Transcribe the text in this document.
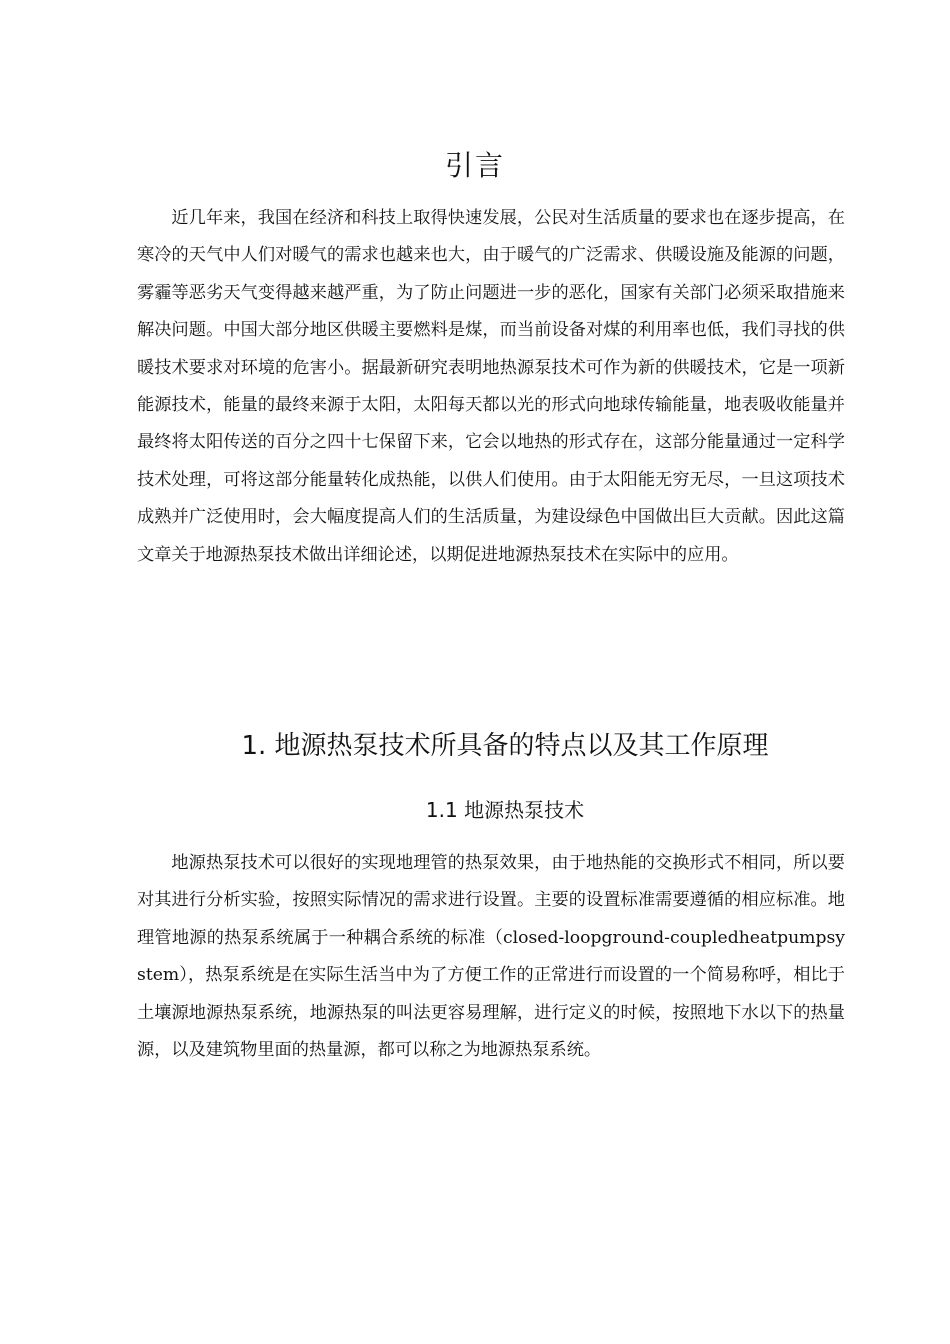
引言

近几年来，我国在经济和科技上取得快速发展，公民对生活质量的要求也在逐步提高，在寒冷的天气中人们对暖气的需求也越来也大，由于暖气的广泛需求、供暖设施及能源的问题，雾霾等恶劣天气变得越来越严重，为了防止问题进一步的恶化，国家有关部门必须采取措施来解决问题。中国大部分地区供暖主要燃料是煤，而当前设备对煤的利用率也低，我们寻找的供暖技术要求对环境的危害小。据最新研究表明地热源泵技术可作为新的供暖技术，它是一项新能源技术，能量的最终来源于太阳，太阳每天都以光的形式向地球传输能量，地表吸收能量并最终将太阳传送的百分之四十七保留下来，它会以地热的形式存在，这部分能量通过一定科学技术处理，可将这部分能量转化成热能，以供人们使用。由于太阳能无穷无尽，一旦这项技术成熟并广泛使用时，会大幅度提高人们的生活质量，为建设绿色中国做出巨大贡献。因此这篇文章关于地源热泵技术做出详细论述，以期促进地源热泵技术在实际中的应用。

1. 地源热泵技术所具备的特点以及其工作原理
1.1 地源热泵技术

地源热泵技术可以很好的实现地理管的热泵效果，由于地热能的交换形式不相同，所以要对其进行分析实验，按照实际情况的需求进行设置。主要的设置标准需要遵循的相应标准。地理管地源的热泵系统属于一种耦合系统的标准（closed-loopground-coupledheatpumpsystem），热泵系统是在实际生活当中为了方便工作的正常进行而设置的一个简易称呼，相比于土壤源地源热泵系统，地源热泵的叫法更容易理解，进行定义的时候，按照地下水以下的热量源，以及建筑物里面的热量源，都可以称之为地源热泵系统。
